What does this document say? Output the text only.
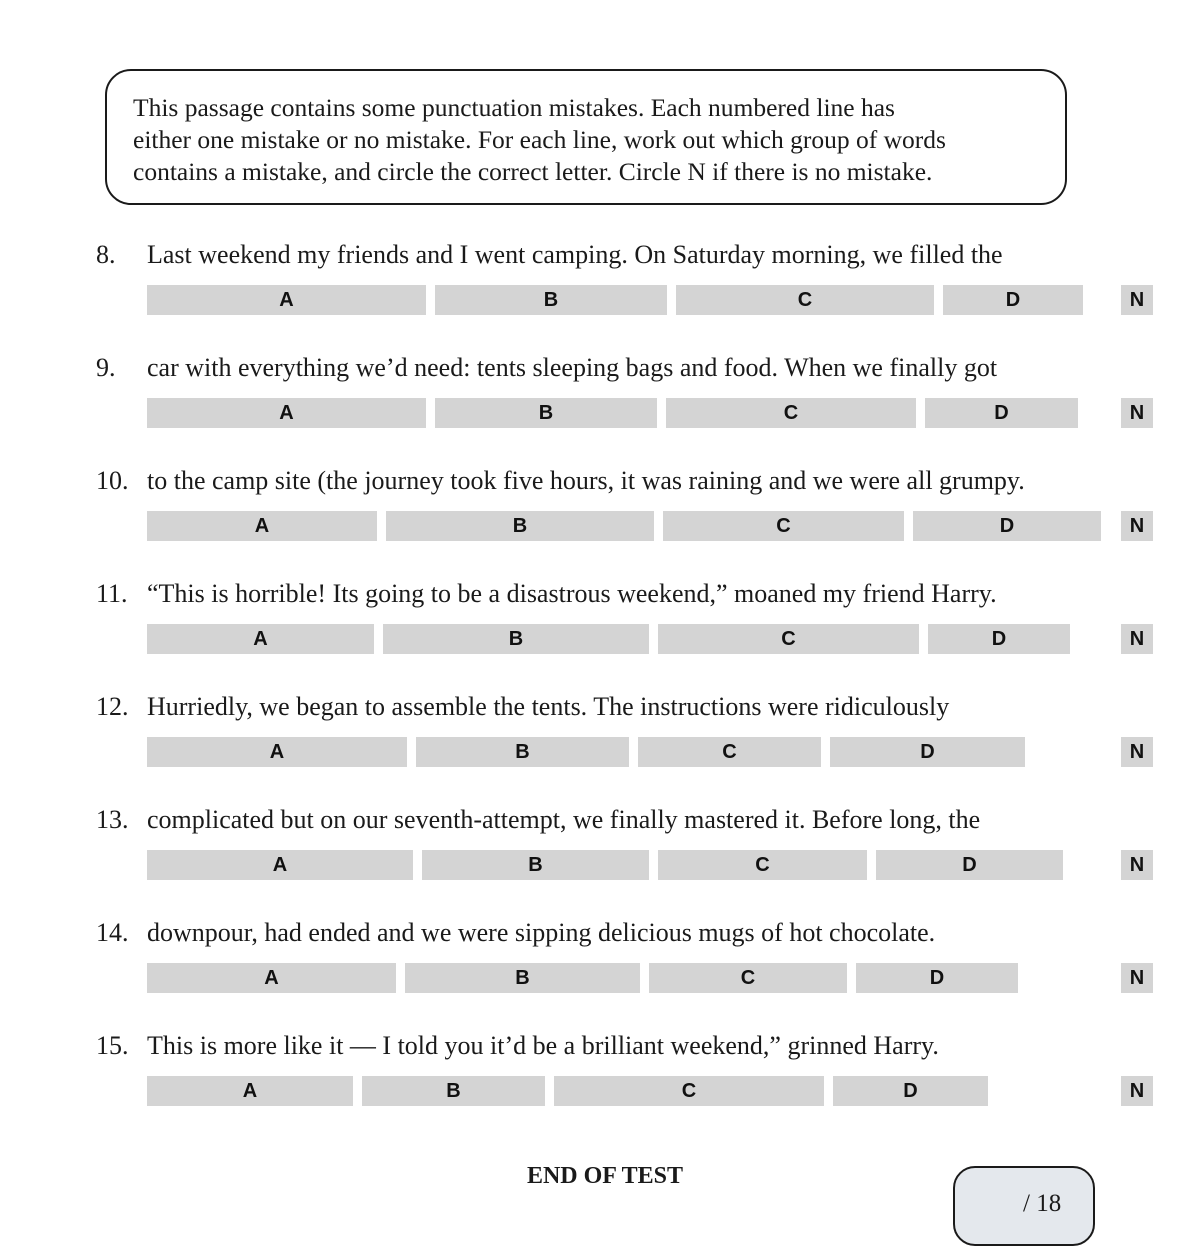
This passage contains some punctuation mistakes. Each numbered line has

either one mistake or no mistake. For each line, work out which group of words

contains a mistake, and circle the correct letter. Circle N if there is no mistake.

8. Last weekend my friends and I went camping. On Saturday morning, we filled the
A	B	C	D	N
9. car with everything we’d need: tents sleeping bags and food. When we finally got
A	B	C	D	N
10. to the camp site (the journey took five hours, it was raining and we were all grumpy.
A	B	C	D	N
11. “This is horrible! Its going to be a disastrous weekend,” moaned my friend Harry.
A	B	C	D	N
12. Hurriedly, we began to assemble the tents. The instructions were ridiculously
A	B	C	D	N
13. complicated but on our seventh-attempt, we finally mastered it. Before long, the
A	B	C	D	N
14. downpour, had ended and we were sipping delicious mugs of hot chocolate.
A	B	C	D	N
15. This is more like it — I told you it’d be a brilliant weekend,” grinned Harry.
A	B	C	D	N
END OF TEST
/ 18
